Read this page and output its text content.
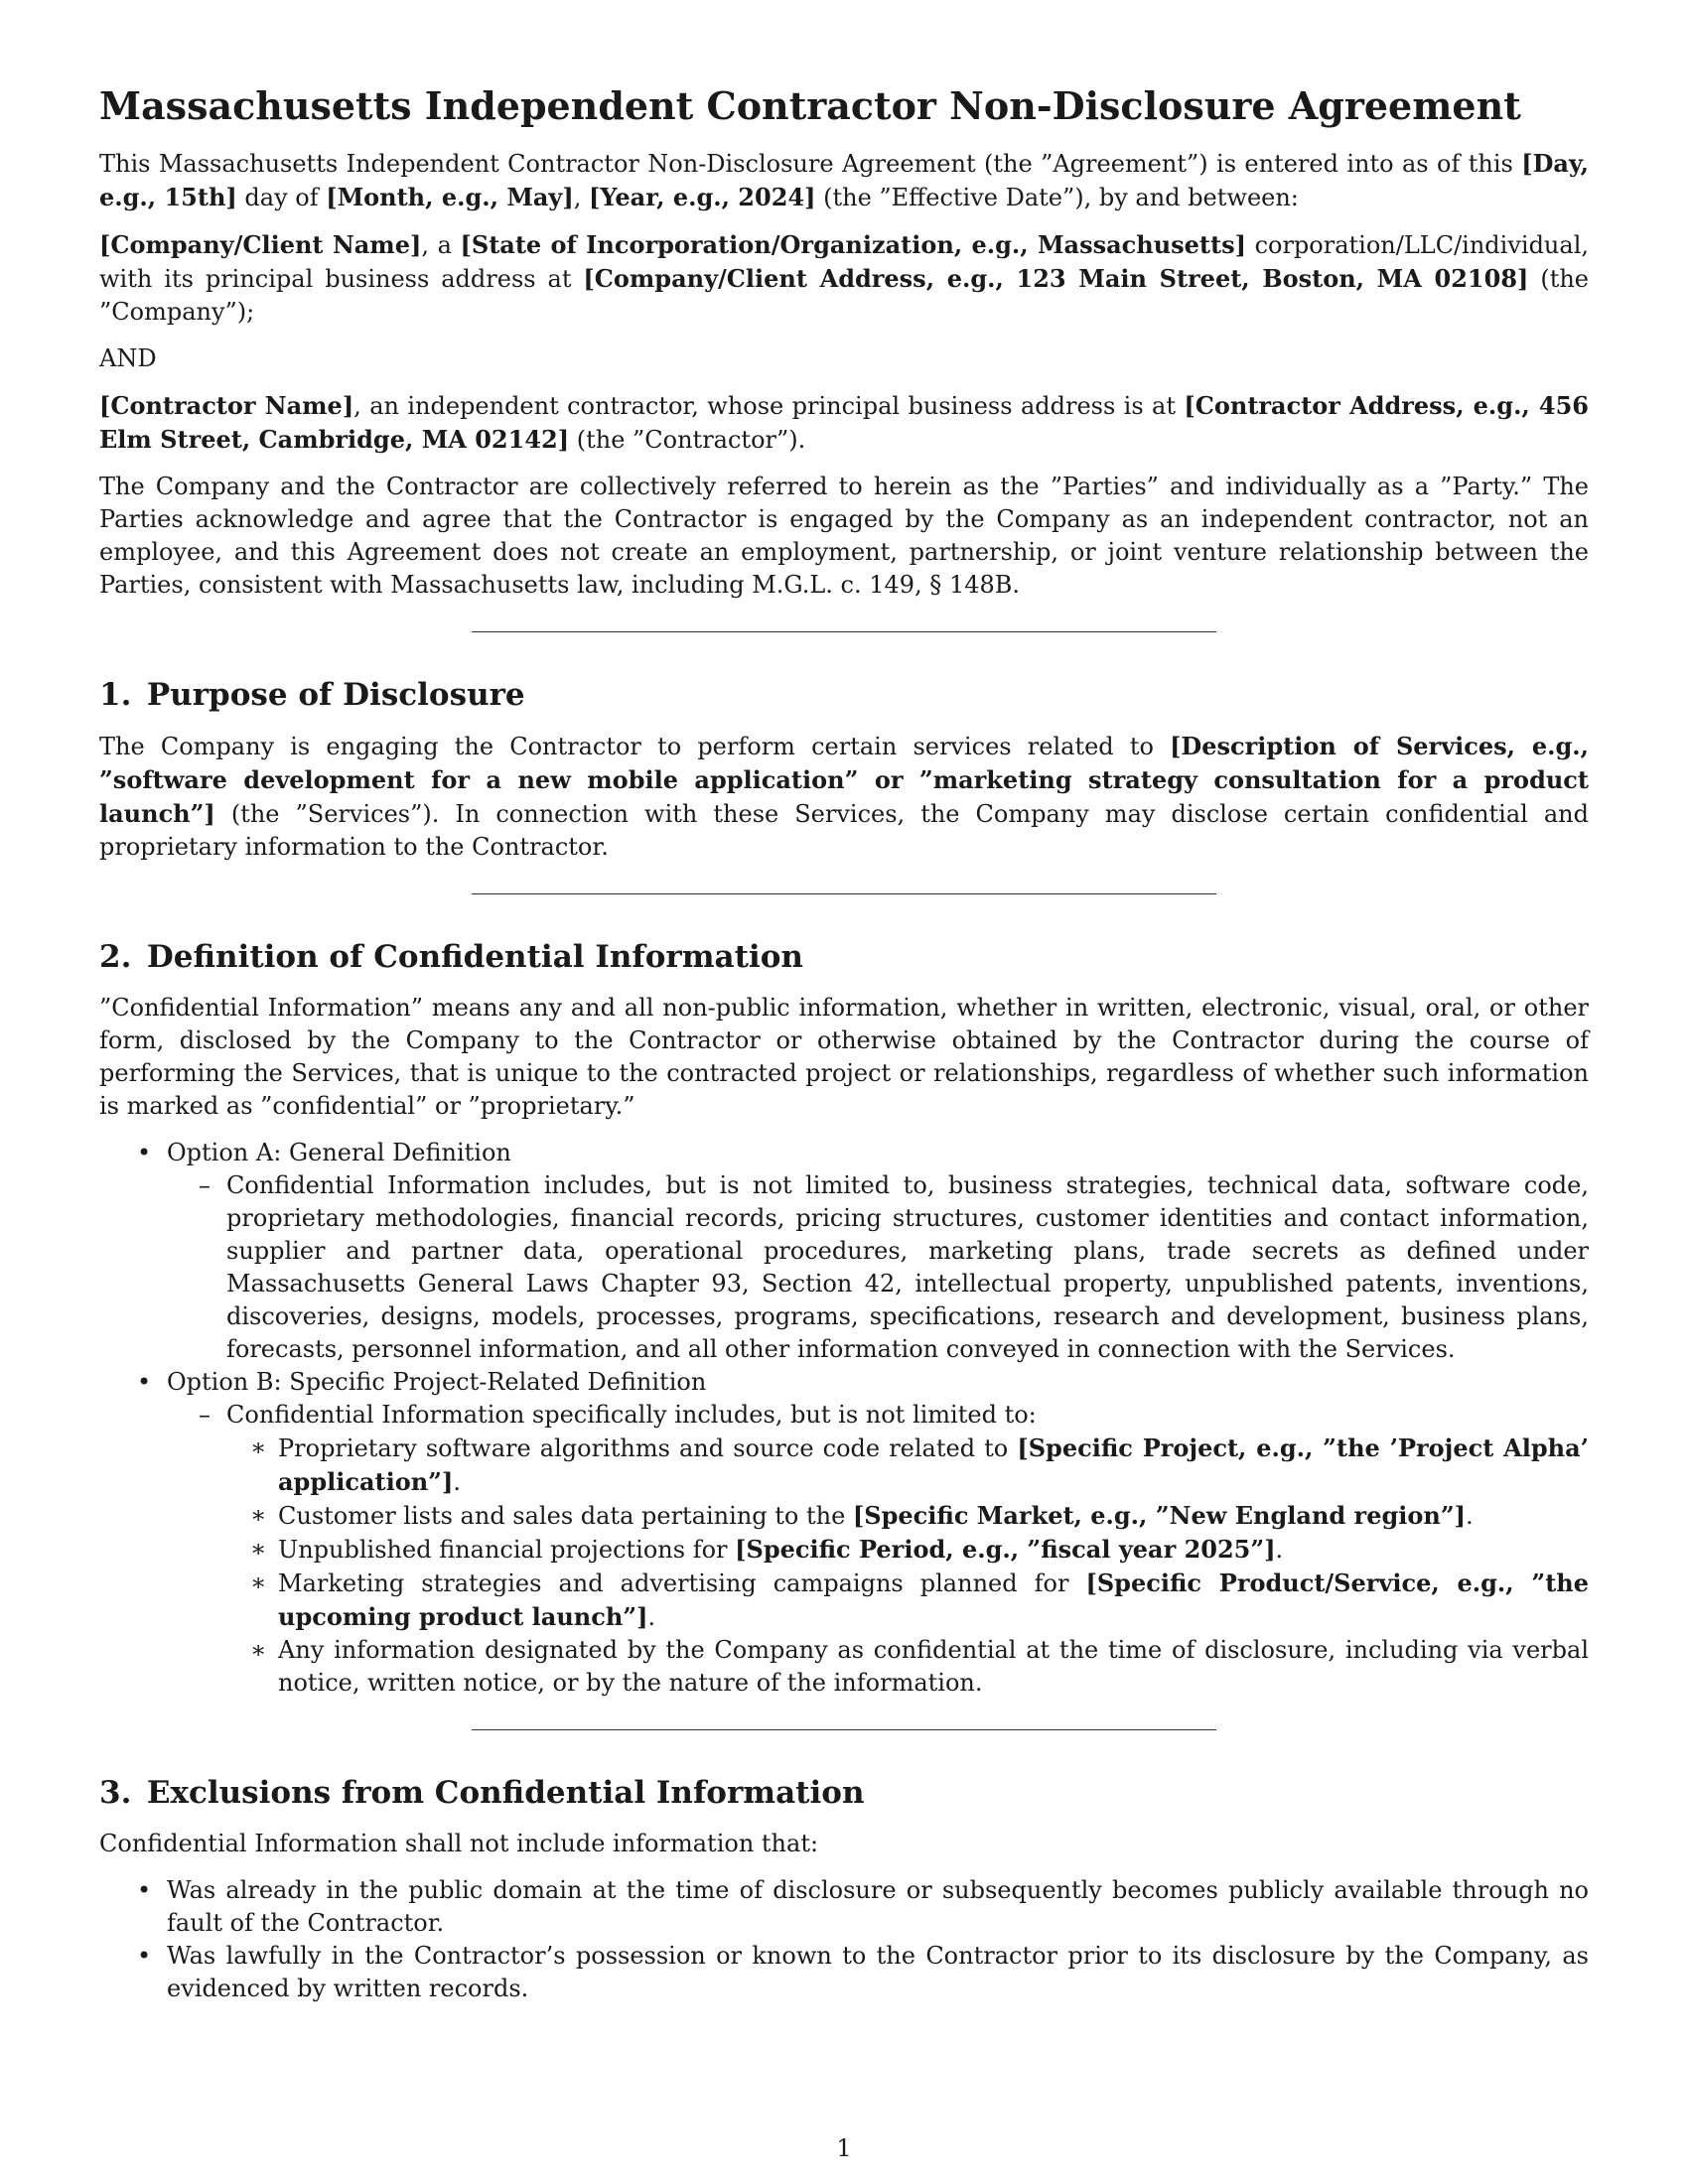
Massachusetts Independent Contractor Non-Disclosure Agreement

This Massachusetts Independent Contractor Non-Disclosure Agreement (the ”Agreement”) is entered into as of this [Day, e.g., 15th] day of [Month, e.g., May], [Year, e.g., 2024] (the ”Effective Date”), by and between:

[Company/Client Name], a [State of Incorporation/Organization, e.g., Massachusetts] corporation/LLC/individual, with its principal business address at [Company/Client Address, e.g., 123 Main Street, Boston, MA 02108] (the ”Company”);

AND

[Contractor Name], an independent contractor, whose principal business address is at [Contractor Address, e.g., 456 Elm Street, Cambridge, MA 02142] (the ”Contractor”).

The Company and the Contractor are collectively referred to herein as the ”Parties” and individually as a ”Party.” The Parties acknowledge and agree that the Contractor is engaged by the Company as an independent contractor, not an employee, and this Agreement does not create an employment, partnership, or joint venture relationship between the Parties, consistent with Massachusetts law, including M.G.L. c. 149, § 148B.

1. Purpose of Disclosure

The Company is engaging the Contractor to perform certain services related to [Description of Services, e.g., ”software development for a new mobile application” or ”marketing strategy consultation for a product launch”] (the ”Services”). In connection with these Services, the Company may disclose certain confidential and proprietary information to the Contractor.

2. Definition of Confidential Information

”Confidential Information” means any and all non-public information, whether in written, electronic, visual, oral, or other form, disclosed by the Company to the Contractor or otherwise obtained by the Contractor during the course of performing the Services, that is unique to the contracted project or relationships, regardless of whether such information is marked as ”confidential” or ”proprietary.”

• Option A: General Definition
– Confidential Information includes, but is not limited to, business strategies, technical data, software code, proprietary methodologies, financial records, pricing structures, customer identities and contact information, supplier and partner data, operational procedures, marketing plans, trade secrets as defined under Massachusetts General Laws Chapter 93, Section 42, intellectual property, unpublished patents, inventions, discoveries, designs, models, processes, programs, specifications, research and development, business plans, forecasts, personnel information, and all other information conveyed in connection with the Services.
• Option B: Specific Project-Related Definition
– Confidential Information specifically includes, but is not limited to:
∗ Proprietary software algorithms and source code related to [Specific Project, e.g., ”the ’Project Alpha’ application”].
∗ Customer lists and sales data pertaining to the [Specific Market, e.g., ”New England region”].
∗ Unpublished financial projections for [Specific Period, e.g., ”fiscal year 2025”].
∗ Marketing strategies and advertising campaigns planned for [Specific Product/Service, e.g., ”the upcoming product launch”].
∗ Any information designated by the Company as confidential at the time of disclosure, including via verbal notice, written notice, or by the nature of the information.
3. Exclusions from Confidential Information

Confidential Information shall not include information that:

• Was already in the public domain at the time of disclosure or subsequently becomes publicly available through no fault of the Contractor.
• Was lawfully in the Contractor’s possession or known to the Contractor prior to its disclosure by the Company, as evidenced by written records.
1
